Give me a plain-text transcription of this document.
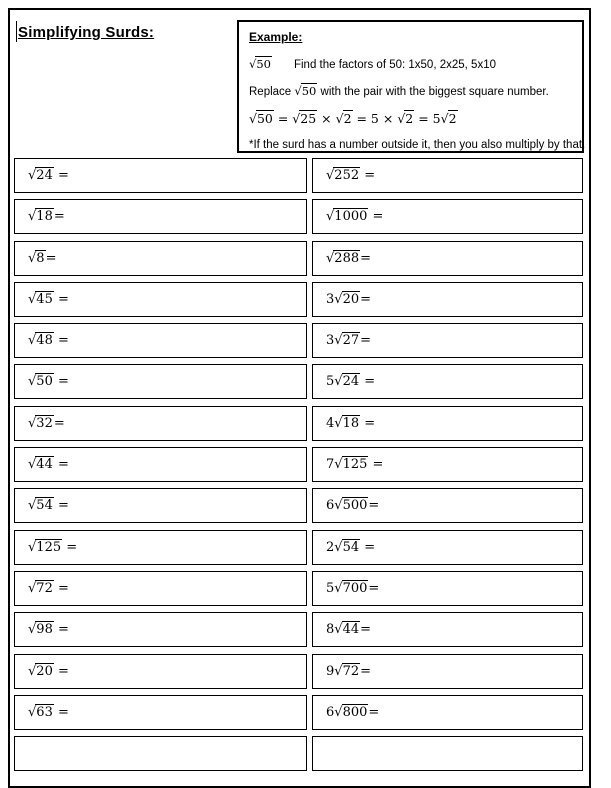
Simplifying Surds:	Example:
√50 Find the factors of 50: 1x50, 2x25, 5x10
Replace √50 with the pair with the biggest square number.
√50 = √25 × √2 = 5 × √2 = 5√2
*If the surd has a number outside it, then you also multiply by that.
√24 =	√252 =
√18=	√1000 =
√8=	√288=
√45 =	3√20=
√48 =	3√27=
√50 =	5√24 =
√32=	4√18 =
√44 =	7√125 =
√54 =	6√500=
√125 =	2√54 =
√72 =	5√700=
√98 =	8√44=
√20 =	9√72=
√63 =	6√800=
